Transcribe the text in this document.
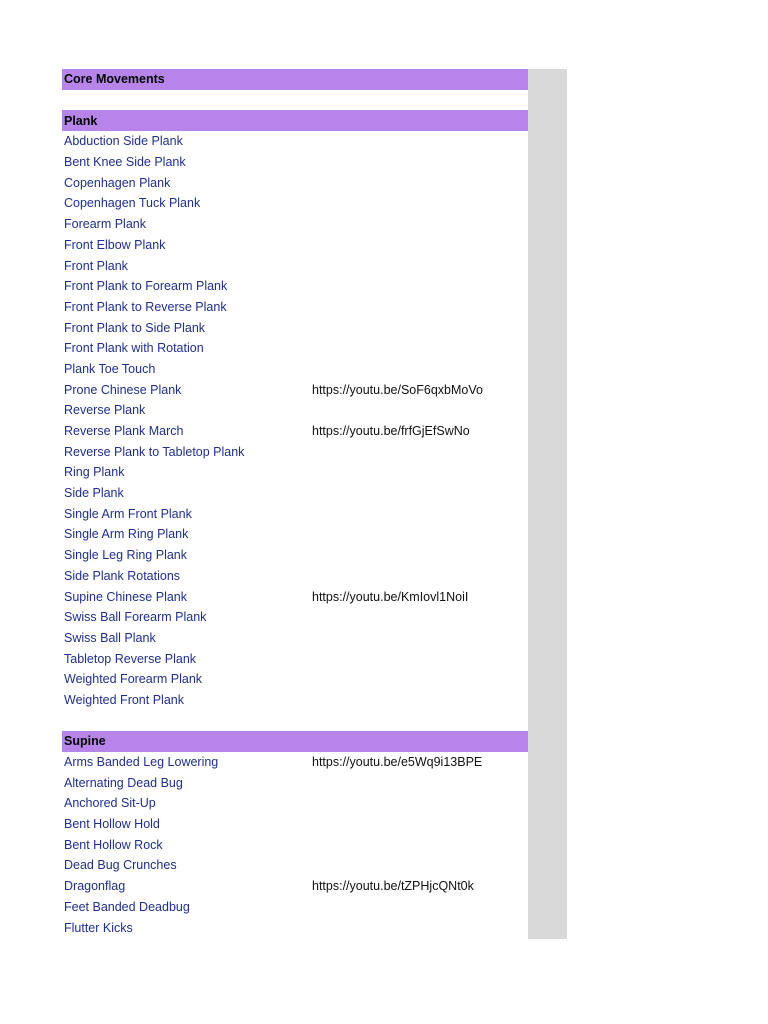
Core Movements
Plank
Abduction Side Plank
Bent Knee Side Plank
Copenhagen Plank
Copenhagen Tuck Plank
Forearm Plank
Front Elbow Plank
Front Plank
Front Plank to Forearm Plank
Front Plank to Reverse Plank
Front Plank to Side Plank
Front Plank with Rotation
Plank Toe Touch
Prone Chinese Plank	https://youtu.be/SoF6qxbMoVo
Reverse Plank
Reverse Plank March	https://youtu.be/frfGjEfSwNo
Reverse Plank to Tabletop Plank
Ring Plank
Side Plank
Single Arm Front Plank
Single Arm Ring Plank
Single Leg Ring Plank
Side Plank Rotations
Supine Chinese Plank	https://youtu.be/KmIovl1NoiI
Swiss Ball Forearm Plank
Swiss Ball Plank
Tabletop Reverse Plank
Weighted Forearm Plank
Weighted Front Plank
Supine
Arms Banded Leg Lowering	https://youtu.be/e5Wq9i13BPE
Alternating Dead Bug
Anchored Sit-Up
Bent Hollow Hold
Bent Hollow Rock
Dead Bug Crunches
Dragonflag	https://youtu.be/tZPHjcQNt0k
Feet Banded Deadbug
Flutter Kicks
